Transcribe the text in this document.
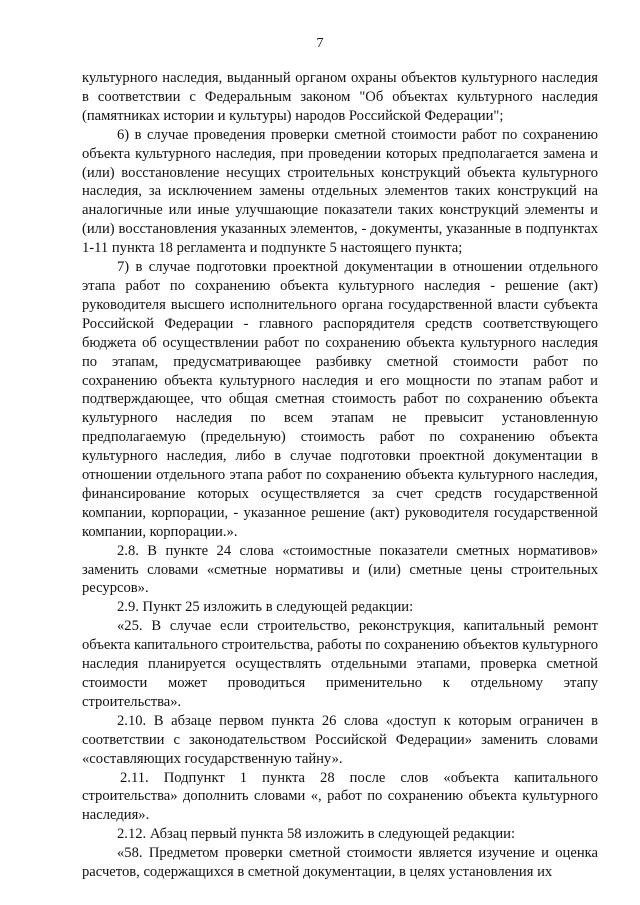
7

культурного наследия, выданный органом охраны объектов культурного наследия в соответствии с Федеральным законом "Об объектах культурного наследия (памятниках истории и культуры) народов Российской Федерации";

6) в случае проведения проверки сметной стоимости работ по сохранению объекта культурного наследия, при проведении которых предполагается замена и (или) восстановление несущих строительных конструкций объекта культурного наследия, за исключением замены отдельных элементов таких конструкций на аналогичные или иные улучшающие показатели таких конструкций элементы и (или) восстановления указанных элементов, - документы, указанные в подпунктах 1-11 пункта 18 регламента и подпункте 5 настоящего пункта;

7) в случае подготовки проектной документации в отношении отдельного этапа работ по сохранению объекта культурного наследия - решение (акт) руководителя высшего исполнительного органа государственной власти субъекта Российской Федерации - главного распорядителя средств соответствующего бюджета об осуществлении работ по сохранению объекта культурного наследия по этапам, предусматривающее разбивку сметной стоимости работ по сохранению объекта культурного наследия и его мощности по этапам работ и подтверждающее, что общая сметная стоимость работ по сохранению объекта культурного наследия по всем этапам не превысит установленную предполагаемую (предельную) стоимость работ по сохранению объекта культурного наследия, либо в случае подготовки проектной документации в отношении отдельного этапа работ по сохранению объекта культурного наследия, финансирование которых осуществляется за счет средств государственной компании, корпорации, - указанное решение (акт) руководителя государственной компании, корпорации.».

2.8. В пункте 24 слова «стоимостные показатели сметных нормативов» заменить словами «сметные нормативы и (или) сметные цены строительных ресурсов».

2.9. Пункт 25 изложить в следующей редакции:

«25. В случае если строительство, реконструкция, капитальный ремонт объекта капитального строительства, работы по сохранению объектов культурного наследия планируется осуществлять отдельными этапами, проверка сметной стоимости может проводиться применительно к отдельному этапу строительства».

2.10. В абзаце первом пункта 26 слова «доступ к которым ограничен в соответствии с законодательством Российской Федерации» заменить словами «составляющих государственную тайну».

2.11. Подпункт 1 пункта 28 после слов «объекта капитального строительства» дополнить словами «, работ по сохранению объекта культурного наследия».

2.12. Абзац первый пункта 58 изложить в следующей редакции:

«58. Предметом проверки сметной стоимости является изучение и оценка расчетов, содержащихся в сметной документации, в целях установления их
